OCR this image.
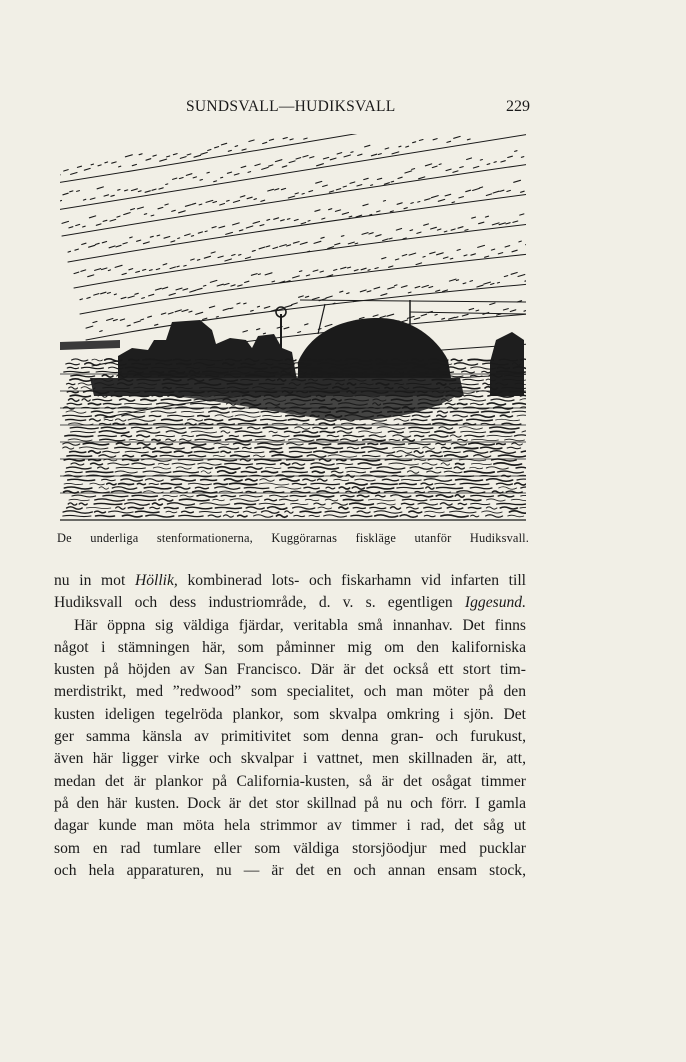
SUNDSVALL—HUDIKSVALL	229
De underliga stenformationerna, Kuggörarnas fiskläge utanför Hudiksvall.
nu in mot Höllik, kombinerad lots- och fiskarhamn vid infarten till
Hudiksvall och dess industriområde, d. v. s. egentligen Iggesund.
Här öppna sig väldiga fjärdar, veritabla små innanhav. Det finns
något i stämningen här, som påminner mig om den kaliforniska
kusten på höjden av San Francisco. Där är det också ett stort tim-
merdistrikt, med ”redwood” som specialitet, och man möter på den
kusten ideligen tegelröda plankor, som skvalpa omkring i sjön. Det
ger samma känsla av primitivitet som denna gran- och furukust,
även här ligger virke och skvalpar i vattnet, men skillnaden är, att,
medan det är plankor på California-kusten, så är det osågat timmer
på den här kusten. Dock är det stor skillnad på nu och förr. I gamla
dagar kunde man möta hela strimmor av timmer i rad, det såg ut
som en rad tumlare eller som väldiga storsjöodjur med pucklar
och hela apparaturen, nu — är det en och annan ensam stock,
